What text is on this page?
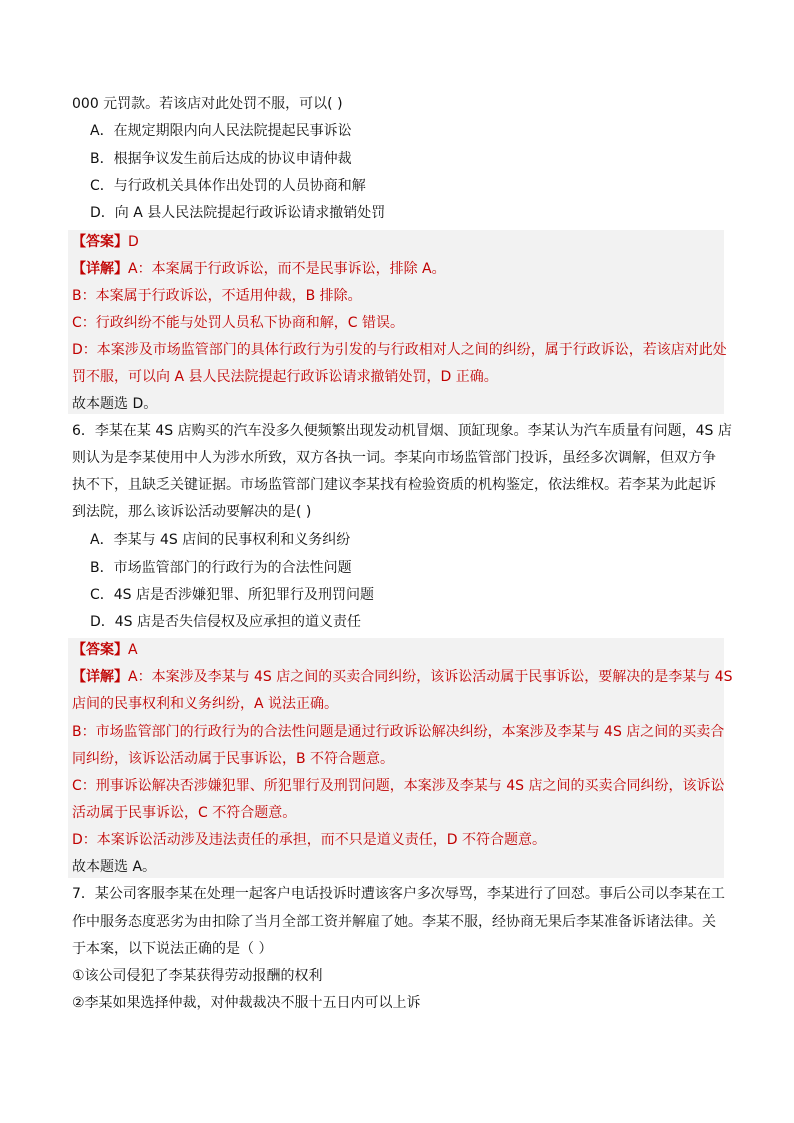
000 元罚款。若该店对此处罚不服，可以( )
A．在规定期限内向人民法院提起民事诉讼
B．根据争议发生前后达成的协议申请仲裁
C．与行政机关具体作出处罚的人员协商和解
D．向 A 县人民法院提起行政诉讼请求撤销处罚
【答案】D
【详解】A：本案属于行政诉讼，而不是民事诉讼，排除 A。
B：本案属于行政诉讼，不适用仲裁，B 排除。
C：行政纠纷不能与处罚人员私下协商和解，C 错误。
D：本案涉及市场监管部门的具体行政行为引发的与行政相对人之间的纠纷，属于行政诉讼，若该店对此处
罚不服，可以向 A 县人民法院提起行政诉讼请求撤销处罚，D 正确。
故本题选 D。
6．李某在某 4S 店购买的汽车没多久便频繁出现发动机冒烟、顶缸现象。李某认为汽车质量有问题，4S 店
则认为是李某使用中人为涉水所致，双方各执一词。李某向市场监管部门投诉，虽经多次调解，但双方争
执不下，且缺乏关键证据。市场监管部门建议李某找有检验资质的机构鉴定，依法维权。若李某为此起诉
到法院，那么该诉讼活动要解决的是( )
A．李某与 4S 店间的民事权利和义务纠纷
B．市场监管部门的行政行为的合法性问题
C．4S 店是否涉嫌犯罪、所犯罪行及刑罚问题
D．4S 店是否失信侵权及应承担的道义责任
【答案】A
【详解】A：本案涉及李某与 4S 店之间的买卖合同纠纷，该诉讼活动属于民事诉讼，要解决的是李某与 4S
店间的民事权利和义务纠纷，A 说法正确。
B：市场监管部门的行政行为的合法性问题是通过行政诉讼解决纠纷，本案涉及李某与 4S 店之间的买卖合
同纠纷，该诉讼活动属于民事诉讼，B 不符合题意。
C：刑事诉讼解决否涉嫌犯罪、所犯罪行及刑罚问题，本案涉及李某与 4S 店之间的买卖合同纠纷，该诉讼
活动属于民事诉讼，C 不符合题意。
D：本案诉讼活动涉及违法责任的承担，而不只是道义责任，D 不符合题意。
故本题选 A。
7．某公司客服李某在处理一起客户电话投诉时遭该客户多次辱骂，李某进行了回怼。事后公司以李某在工
作中服务态度恶劣为由扣除了当月全部工资并解雇了她。李某不服，经协商无果后李某准备诉诸法律。关
于本案，以下说法正确的是（ ）
①该公司侵犯了李某获得劳动报酬的权利
②李某如果选择仲裁，对仲裁裁决不服十五日内可以上诉
